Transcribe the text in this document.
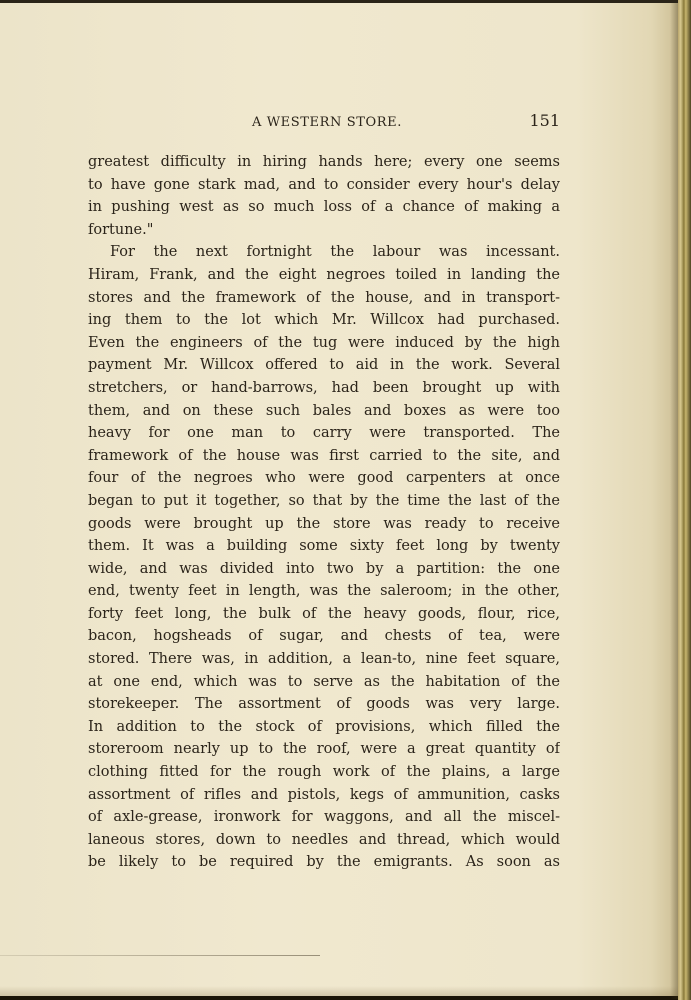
A WESTERN STORE.	151
greatest difficulty in hiring hands here; every one seems
to have gone stark mad, and to consider every hour's delay
in pushing west as so much loss of a chance of making a
fortune."
For the next fortnight the labour was incessant.
Hiram, Frank, and the eight negroes toiled in landing the
stores and the framework of the house, and in transport-
ing them to the lot which Mr. Willcox had purchased.
Even the engineers of the tug were induced by the high
payment Mr. Willcox offered to aid in the work. Several
stretchers, or hand-barrows, had been brought up with
them, and on these such bales and boxes as were too
heavy for one man to carry were transported. The
framework of the house was first carried to the site, and
four of the negroes who were good carpenters at once
began to put it together, so that by the time the last of the
goods were brought up the store was ready to receive
them. It was a building some sixty feet long by twenty
wide, and was divided into two by a partition: the one
end, twenty feet in length, was the saleroom; in the other,
forty feet long, the bulk of the heavy goods, flour, rice,
bacon, hogsheads of sugar, and chests of tea, were
stored. There was, in addition, a lean-to, nine feet square,
at one end, which was to serve as the habitation of the
storekeeper. The assortment of goods was very large.
In addition to the stock of provisions, which filled the
storeroom nearly up to the roof, were a great quantity of
clothing fitted for the rough work of the plains, a large
assortment of rifles and pistols, kegs of ammunition, casks
of axle-grease, ironwork for waggons, and all the miscel-
laneous stores, down to needles and thread, which would
be likely to be required by the emigrants. As soon as
